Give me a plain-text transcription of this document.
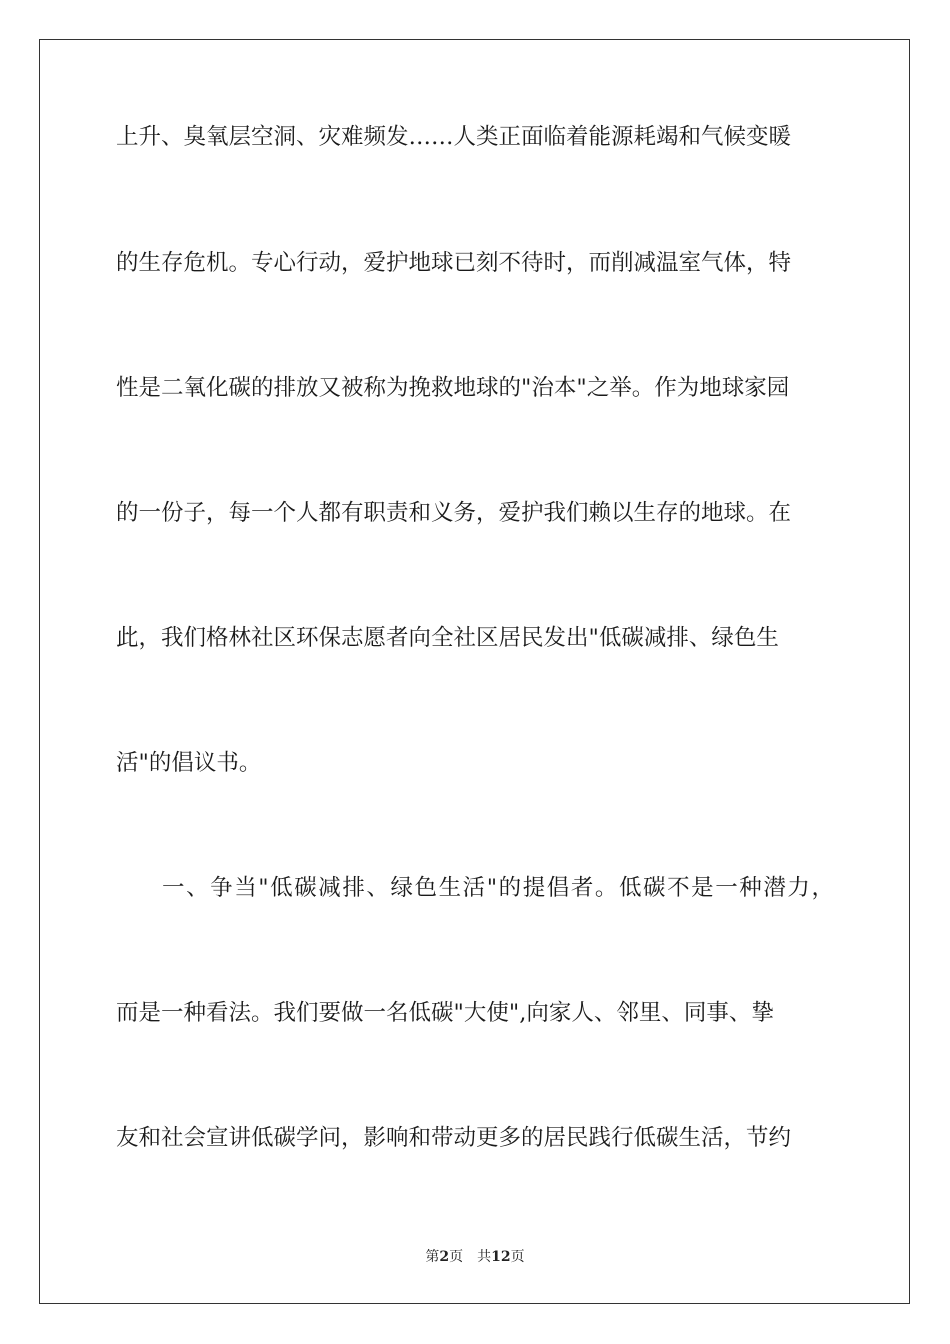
上升、臭氧层空洞、灾难频发……人类正面临着能源耗竭和气候变暖
的生存危机。专心行动，爱护地球已刻不待时，而削减温室气体，特
性是二氧化碳的排放又被称为挽救地球的"治本"之举。作为地球家园
的一份子，每一个人都有职责和义务，爱护我们赖以生存的地球。在
此，我们格林社区环保志愿者向全社区居民发出"低碳减排、绿色生
活"的倡议书。
一、争当"低碳减排、绿色生活"的提倡者。低碳不是一种潜力，
而是一种看法。我们要做一名低碳"大使",向家人、邻里、同事、挚
友和社会宣讲低碳学问，影响和带动更多的居民践行低碳生活，节约
第2页 共12页
